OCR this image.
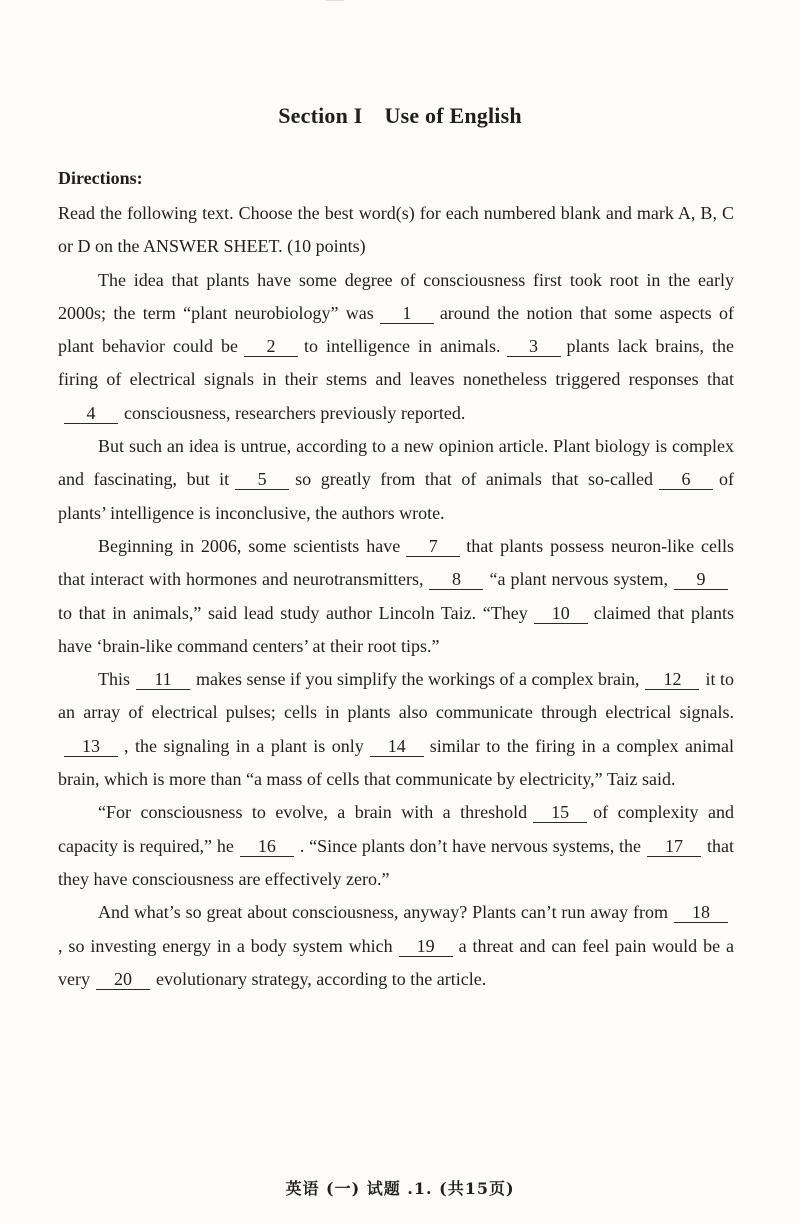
▔▔▔
Section I Use of English
Directions:

Read the following text. Choose the best word(s) for each numbered blank and mark A, B, C or D on the ANSWER SHEET. (10 points)

The idea that plants have some degree of consciousness first took root in the early 2000s; the term “plant neurobiology” was 1 around the notion that some aspects of plant behavior could be 2 to intelligence in animals. 3 plants lack brains, the firing of electrical signals in their stems and leaves nonetheless triggered responses that4 consciousness, researchers previously reported.

But such an idea is untrue, according to a new opinion article. Plant biology is complex and fascinating, but it 5 so greatly from that of animals that so-called 6 of plants’ intelligence is inconclusive, the authors wrote.

Beginning in 2006, some scientists have 7 that plants possess neuron-like cells that interact with hormones and neurotransmitters, 8 “a plant nervous system, 9to that in animals,” said lead study author Lincoln Taiz. “They 10 claimed that plants have ‘brain-like command centers’ at their root tips.”

This 11 makes sense if you simplify the workings of a complex brain, 12 it to an array of electrical pulses; cells in plants also communicate through electrical signals.13 , the signaling in a plant is only 14 similar to the firing in a complex animal brain, which is more than “a mass of cells that communicate by electricity,” Taiz said.

“For consciousness to evolve, a brain with a threshold 15 of complexity and capacity is required,” he 16 . “Since plants don’t have nervous systems, the 17 that they have consciousness are effectively zero.”

And what’s so great about consciousness, anyway? Plants can’t run away from 18, so investing energy in a body system which 19 a threat and can feel pain would be a very 20 evolutionary strategy, according to the article.

英语 (一) 试题 .1. (共15页)
